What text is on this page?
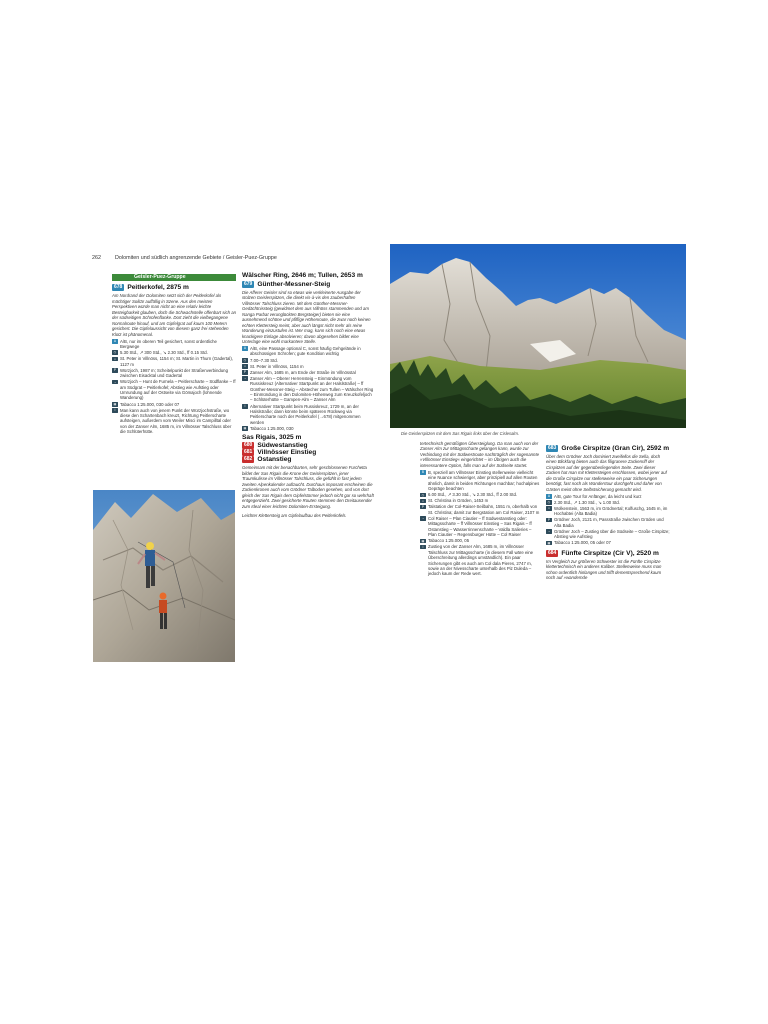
262	Dolomiten und südlich angrenzende Gebiete / Geisler-Puez-Gruppe
Geisler-Puez-Gruppe
678 Peitlerkofel, 2875 m

Am Nordrand der Dolomiten setzt sich der Peitlerkofel als mächtiger Solitär auffällig in Szene. Aus den meisten Perspektiven würde man nicht an eine relativ leichte Besteigbarkeit glauben, doch die Schwachstelle offenbart sich an der südseitigen Schrofenflanke. Dort zieht die vielbegangene Normalroute hinauf, und am Gipfelgrat auf kaum 100 Metern gesichert. Die Gipfelaussicht von diesem ganz frei stehenden Klotz ist phänomenal.

A A/B, nur im oberen Teil gesichert, sonst ordentliche Bergwege
◷ 5.30 Std., ↗ 300 Std., ↘ 2.30 Std., ff 0.15 Std.
⌂ St. Peter in Villnöss, 1154 m; St. Martin in Thurn (Gadertal), 1127 m
P Würzjoch, 1987 m; Scheitelpunkt der Straßenverbindung zwischen Eisacktal und Gadertal
→ Würzjoch – Hunt de Furnela – Peitlerscharte – Südflanke – ff am Südgrat – Peitlerkofel; Abstieg wie Aufstieg oder Umrundung auf der Ostseite via Gömajoch (lohnende Wanderung)
▦ Tabacco 1:25.000, 030 oder 07
i	Man kann auch von jenem Punkt der Würzjochstraße, wo diese den Schartenbach kreuzt, Richtung Peitlerscharte aufsteigen, außerdem vom Weiler Misci im Campilltal oder von der Zanser Alm, 1685 m, im Villnösser Talschluss über die Schlüterhütte.
Wälscher Ring, 2646 m; Tullen, 2653 m
679 Günther-Messner-Steig

Die Afferer Geisler sind so etwas wie verkleinerte Ausgabe der stolzen Geislerspitzen, die direkt vis-à-vis den zauberhaften Villnösser Talschluss zieren. Mit dem Günther-Messner-Gedächtnissteig (gewidmet dem aus Villnöss stammenden und am Nanga Parbat verunglückten Bergsteiger) bieten sie eine ausnehmend schöne und pfiffige Höhenroute, die zwar noch keinen echten Klettersteig meint, aber auch längst nicht mehr als reine Wanderung einzustufen ist. Wer mag, kann sich noch eine etwas knackigere Einlage absolvieren; davon abgesehen bildet eine Unterlage eine wohl markantere Stelle.

A A/B, eine Passage optional C, sonst häufig Gehgelände in abschüssigen Schrofen; gute Kondition wichtig
◷ 7.00–7.30 Std.
⌂ St. Peter in Villnöss, 1154 m
P Zanser Alm, 1685 m, am Ende der Straße im Villnösstal
→ Zanser Alm – Oberer Herrensteig – Einmündung vom Russiskreuz (Alternativer Startpunkt an der Halslstraße) – ff Günther-Messner-Steig – Abstecher zum Tullen – Wälscher Ring – Einmündung in den Dolomiten-Höhenweg zum Kreuzkofeljoch – Schlüterhütte – Gampen-Alm – Zanser Alm
i	Alternativer Startpunkt beim Russiskreuz, 1729 m, an der Halslstraße; dann könnte beim späteren Rückweg via Peitlerscharte noch der Peitlerkofel (→678) mitgenommen werden
▦ Tabacco 1:25.000, 030
Sas Rigais, 3025 m
680 Südwestanstieg
681 Villnösser Einstieg
682 Ostanstieg

Gemeinsam mit der benachbarten, sehr geschlossenen Furchetta bildet der Sas Rigais die Krone der Geislerspitzen, jener Traumkulisse im Villnösser Talschluss, die gefühlt in fast jedem zweiten Alpenkalender auftaucht. Durchaus imposant erscheinen die Zackenkronen auch vom Grödner Talboden gesehen, und von dort gleich der Sas Rigais dem Gipfelstürmer jedoch nicht gar so wehrhaft entgegenzieht. Zwei gesicherte Routen stemmen den Dreitausender zum Ideal einer leichten Dolomiten-Ersteigung.

Leichter Klettersteig am Gipfelaufbau des Peitlerkofels.

Die Geislerspitzen mit dem Sas Rigais links über der Cislesalm.

tertechnisch gemäßigten Übersteiglung. Da man auch von der Zanser Alm zur Mittagsscharte gelangen kann, wurde zur Verbindung mit der Südwestroute nachträglich der sogenannte »Villnösser Einstieg« eingerichtet – im Übrigen auch die interessantere Option, falls man auf der Südseite startet.

B B, speziell am Villnösser Einstieg stellenweise vielleicht eine Nuance schwieriger, aber prinzipiell auf allen Routen ähnlich, damit in beiden Richtungen machbar; hochalpines Gepräge beachten
◷ 6.00 Std., ↗ 3.30 Std., ↘ 2.30 Std., ff 2.00 Std.
⌂ St. Christina in Gröden, 1453 m
P Talstation der Col-Raiser-Seilbahn, 1551 m, oberhalb von St. Christina; damit zur Bergstation am Col Raiser, 2107 m
→ Col Raiser – Plan Ciautier – ff Südwestanstieg oder: Mittagsscharte – ff Villnösser Einstieg – Sas Rigais – ff Ostanstieg – Wasserrinnenscharte – Valdla Salieries – Plan Ciautier – Regensburger Hütte – Col Raiser
▦ Tabacco 1:25.000, 05
i	Zustieg von der Zanser Alm, 1685 m, im Villnösser Talschluss zur Mittagsscharte (in diesem Fall wäre eine Überschreitung allerdings umständlich). Ein paar Sicherungen gibt es auch am Col dala Pieres, 2747 m, sowie an der Nivesscharte unterhalb des Piz Duleda – jedoch kaum der Rede wert.
683 Große Cirspitze (Gran Cir), 2592 m

Über dem Grödner Joch dominiert zweifellos die Sella, doch einen Blickfang bieten auch das filigranere Zackenriff der Cirspitzen auf der gegenüberliegenden Seite. Zwei dieser Zacken hat man mit Klettersteigen erschlossen, wobei jener auf die Große Cirspitze nur stellenweise ein paar Sicherungen benötigt, fast noch als Wanderrtour durchgeht und daher von Gästen meist ohne Selbstsicherung gemacht wird.

A A/B, gute Tour für Anfänger, da leicht und kurz
◷ 2.30 Std., ↗ 1.30 Std., ↘ 1.00 Std.
⌂ Wolkenstein, 1563 m, im Grödnertal; Kolfuschg, 1645 m, im Hochabtei (Alta Badia)
P Grödner Joch, 2121 m, Passstraße zwischen Gröden und Alta Badia
→ Grödner Joch – Zustieg über die Südseite – Große Cirspitze; Abstieg wie Aufstieg
▦ Tabacco 1:25.000, 05 oder 07
684 Fünfte Cirspitze (Cir V), 2520 m

Im Vergleich zur größeren Schwester ist die Fünfte Cirspitze klettertechnisch ein anderes Kaliber. Stellenweise muss man schon ordentlich hinlangen und trifft dementsprechend kaum noch auf »wandernde
